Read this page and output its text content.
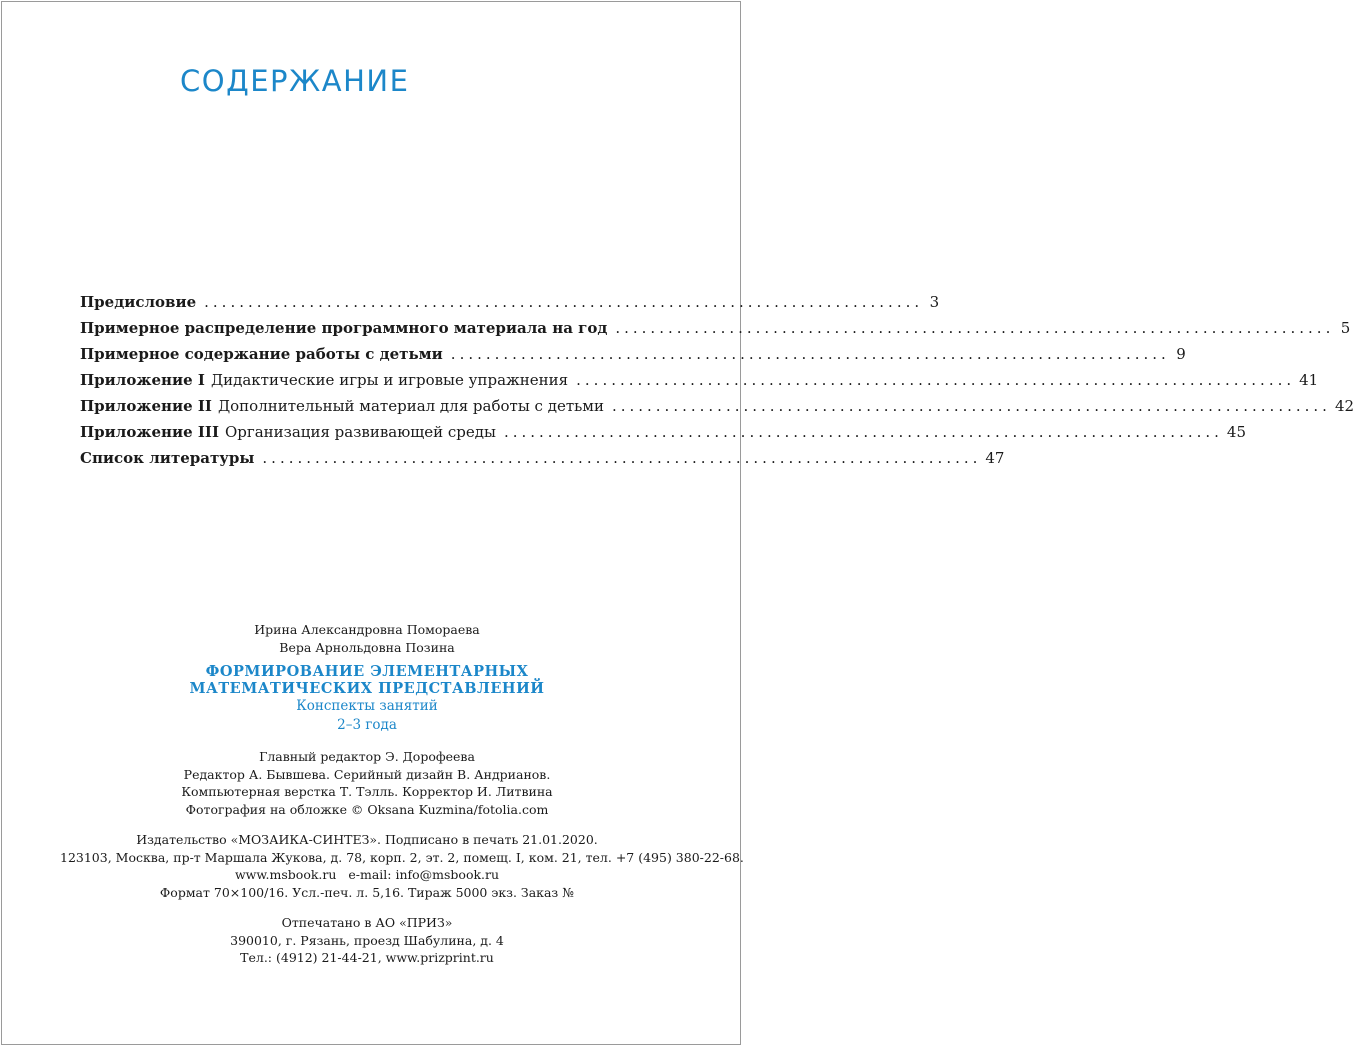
СОДЕРЖАНИЕ
Предисловие .................................................................................. 3
Примерное распределение программного материала на год .................................................................................. 5
Примерное содержание работы с детьми .................................................................................. 9
Приложение I Дидактические игры и игровые упражнения .................................................................................. 41
Приложение II Дополнительный материал для работы с детьми .................................................................................. 42
Приложение III Организация развивающей среды .................................................................................. 45
Список литературы .................................................................................. 47
Ирина Александровна Помораева
Вера Арнольдовна Позина
ФОРМИРОВАНИЕ ЭЛЕМЕНТАРНЫХ
МАТЕМАТИЧЕСКИХ ПРЕДСТАВЛЕНИЙ
Конспекты занятий
2–3 года
Главный редактор Э. Дорофеева
Редактор А. Бывшева. Серийный дизайн В. Андрианов.
Компьютерная верстка Т. Тэлль. Корректор И. Литвина
Фотография на обложке © Oksana Kuzmina/fotolia.com
Издательство «МОЗАИКА-СИНТЕЗ». Подписано в печать 21.01.2020.
123103, Москва, пр-т Маршала Жукова, д. 78, корп. 2, эт. 2, помещ. I, ком. 21, тел. +7 (495) 380-22-68.
www.msbook.ru   e-mail: info@msbook.ru
Формат 70×100/16. Усл.-печ. л. 5,16. Тираж 5000 экз. Заказ №
Отпечатано в АО «ПРИЗ»
390010, г. Рязань, проезд Шабулина, д. 4
Тел.: (4912) 21-44-21, www.prizprint.ru
